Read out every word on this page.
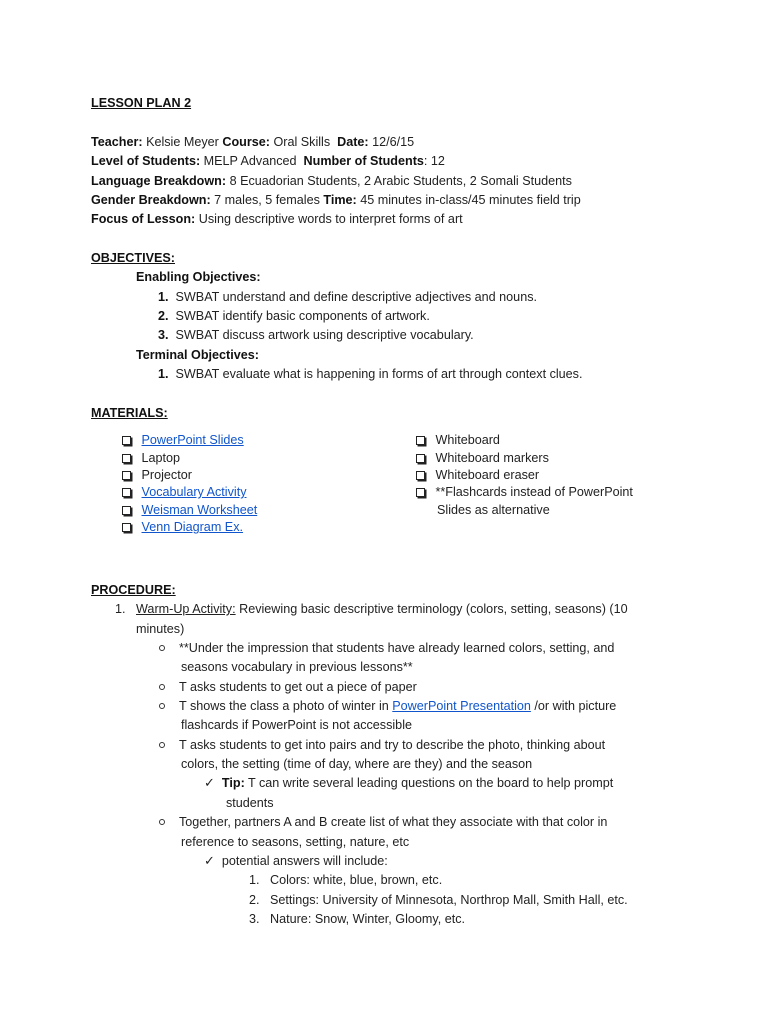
LESSON PLAN 2
Teacher: Kelsie Meyer Course: Oral Skills Date: 12/6/15
Level of Students: MELP Advanced Number of Students: 12
Language Breakdown: 8 Ecuadorian Students, 2 Arabic Students, 2 Somali Students
Gender Breakdown: 7 males, 5 females Time: 45 minutes in-class/45 minutes field trip
Focus of Lesson: Using descriptive words to interpret forms of art
OBJECTIVES:
Enabling Objectives:
1. SWBAT understand and define descriptive adjectives and nouns.
2. SWBAT identify basic components of artwork.
3. SWBAT discuss artwork using descriptive vocabulary.
Terminal Objectives:
1. SWBAT evaluate what is happening in forms of art through context clues.
MATERIALS:
PowerPoint Slides
Laptop
Projector
Vocabulary Activity
Weisman Worksheet
Venn Diagram Ex.
Whiteboard
Whiteboard markers
Whiteboard eraser
**Flashcards instead of PowerPoint
Slides as alternative
PROCEDURE:
1. Warm-Up Activity: Reviewing basic descriptive terminology (colors, setting, seasons) (10
minutes)
**Under the impression that students have already learned colors, setting, and
seasons vocabulary in previous lessons**
T asks students to get out a piece of paper
T shows the class a photo of winter in PowerPoint Presentation /or with picture
flashcards if PowerPoint is not accessible
T asks students to get into pairs and try to describe the photo, thinking about
colors, the setting (time of day, where are they) and the season
✓ Tip: T can write several leading questions on the board to help prompt
students
Together, partners A and B create list of what they associate with that color in
reference to seasons, setting, nature, etc
✓ potential answers will include:
1. Colors: white, blue, brown, etc.
2. Settings: University of Minnesota, Northrop Mall, Smith Hall, etc.
3. Nature: Snow, Winter, Gloomy, etc.
